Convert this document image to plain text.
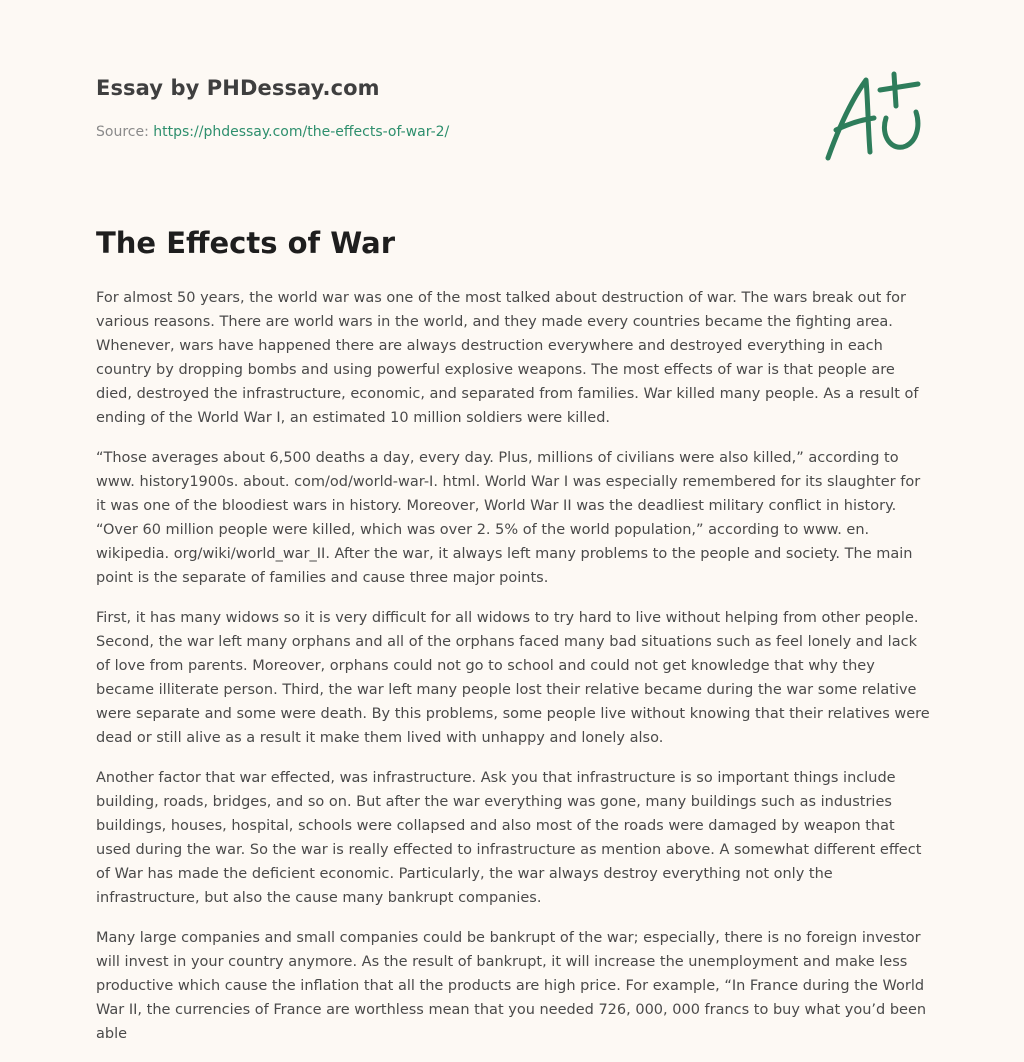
Essay by PHDessay.com
Source: https://phdessay.com/the-effects-of-war-2/
The Effects of War

For almost 50 years, the world war was one of the most talked about destruction of war. The wars break out for various reasons. There are world wars in the world, and they made every countries became the fighting area. Whenever, wars have happened there are always destruction everywhere and destroyed everything in each country by dropping bombs and using powerful explosive weapons. The most effects of war is that people are died, destroyed the infrastructure, economic, and separated from families. War killed many people. As a result of ending of the World War I, an estimated 10 million soldiers were killed.

“Those averages about 6,500 deaths a day, every day. Plus, millions of civilians were also killed,” according to www. history1900s. about. com/od/world-war-I. html. World War I was especially remembered for its slaughter for it was one of the bloodiest wars in history. Moreover, World War II was the deadliest military conflict in history. “Over 60 million people were killed, which was over 2. 5% of the world population,” according to www. en. wikipedia. org/wiki/world_war_II. After the war, it always left many problems to the people and society. The main point is the separate of families and cause three major points.

First, it has many widows so it is very difficult for all widows to try hard to live without helping from other people. Second, the war left many orphans and all of the orphans faced many bad situations such as feel lonely and lack of love from parents. Moreover, orphans could not go to school and could not get knowledge that why they became illiterate person. Third, the war left many people lost their relative became during the war some relative were separate and some were death. By this problems, some people live without knowing that their relatives were dead or still alive as a result it make them lived with unhappy and lonely also.

Another factor that war effected, was infrastructure. Ask you that infrastructure is so important things include building, roads, bridges, and so on. But after the war everything was gone, many buildings such as industries buildings, houses, hospital, schools were collapsed and also most of the roads were damaged by weapon that used during the war. So the war is really effected to infrastructure as mention above. A somewhat different effect of War has made the deficient economic. Particularly, the war always destroy everything not only the infrastructure, but also the cause many bankrupt companies.

Many large companies and small companies could be bankrupt of the war; especially, there is no foreign investor will invest in your country anymore. As the result of bankrupt, it will increase the unemployment and make less productive which cause the inflation that all the products are high price. For example, “In France during the World War II, the currencies of France are worthless mean that you needed 726, 000, 000 francs to buy what you’d been able
